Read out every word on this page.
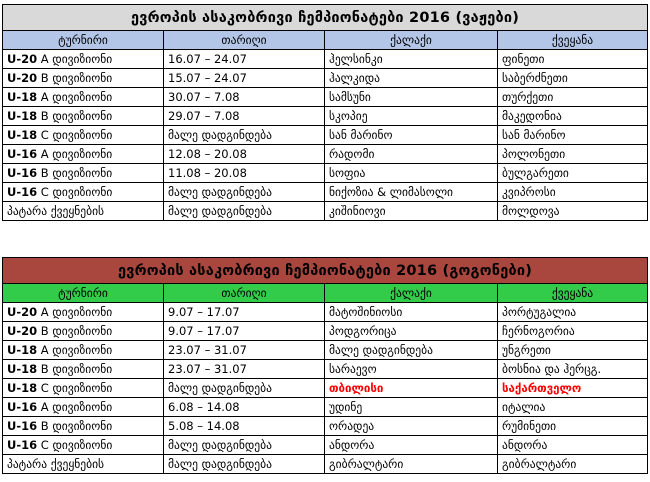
ევროპის ასაკობრივი ჩემპიონატები 2016 (ვაჟები)			
ტურნირი	თარიღი	ქალაქი	ქვეყანა
U-20 A დივიზიონი	16.07 – 24.07	ჰელსინკი	ფინეთი
U-20 B დივიზიონი	15.07 – 24.07	ჰალკიდა	საბერძნეთი
U-18 A დივიზიონი	30.07 – 7.08	სამსუნი	თურქეთი
U-18 B დივიზიონი	29.07 – 7.08	სკოპიე	მაკედონია
U-18 C დივიზიონი	მალე დადგინდება	სან მარინო	სან მარინო
U-16 A დივიზიონი	12.08 – 20.08	რადომი	პოლონეთი
U-16 B დივიზიონი	11.08 – 20.08	სოფია	ბულგარეთი
U-16 C დივიზიონი	მალე დადგინდება	ნიქოზია & ლიმასოლი	კვიპროსი
პატარა ქვეყნების	მალე დადგინდება	კიშინიოვი	მოლდოვა
ევროპის ასაკობრივი ჩემპიონატები 2016 (გოგონები)			
ტურნირი	თარიღი	ქალაქი	ქვეყანა
U-20 A დივიზიონი	9.07 – 17.07	მატოშინიოსი	პორტუგალია
U-20 B დივიზიონი	9.07 – 17.07	პოდგორიცა	ჩერნოგორია
U-18 A დივიზიონი	23.07 – 31.07	მალე დადგინდება	უნგრეთი
U-18 B დივიზიონი	23.07 – 31.07	სარაევო	ბოსნია და ჰერცგ.
U-18 C დივიზიონი	მალე დადგინდება	თბილისი	საქართველო
U-16 A დივიზიონი	6.08 – 14.08	უდინე	იტალია
U-16 B დივიზიონი	5.08 – 14.08	ორადეა	რუმინეთი
U-16 C დივიზიონი	მალე დადგინდება	ანდორა	ანდორა
პატარა ქვეყნების	მალე დადგინდება	გიბრალტარი	გიბრალტარი
